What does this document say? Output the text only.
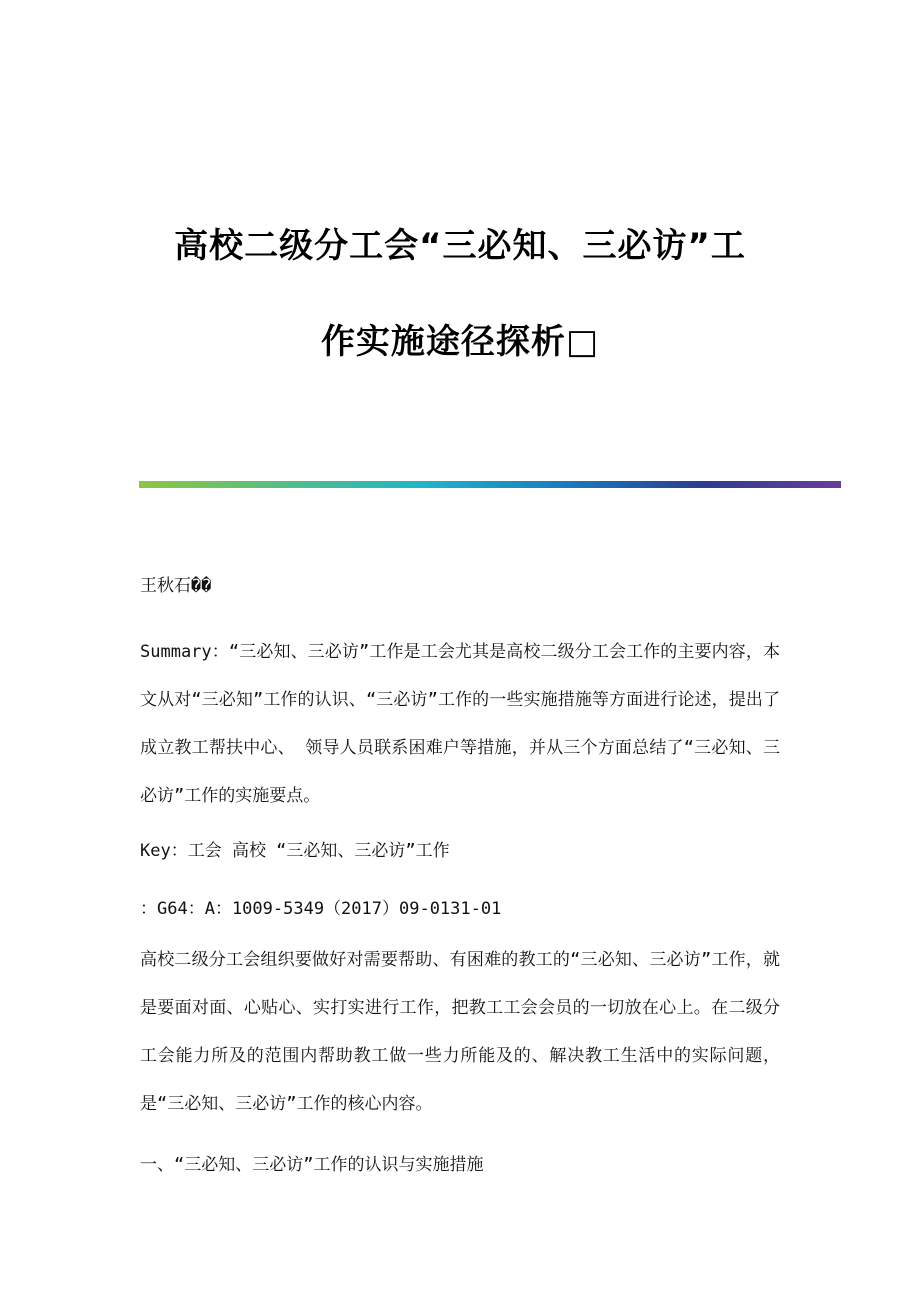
高校二级分工会“三必知、三必访”工
作实施途径探析□
王秋石��
Summary：“三必知、三必访”工作是工会尤其是高校二级分工会工作的主要内容，本文从对“三必知”工作的认识、“三必访”工作的一些实施措施等方面进行论述，提出了成立教工帮扶中心、 领导人员联系困难户等措施，并从三个方面总结了“三必知、三必访”工作的实施要点。
Key：工会 高校 “三必知、三必访”工作
：G64：A：1009-5349（2017）09-0131-01
高校二级分工会组织要做好对需要帮助、有困难的教工的“三必知、三必访”工作，就是要面对面、心贴心、实打实进行工作，把教工工会会员的一切放在心上。在二级分工会能力所及的范围内帮助教工做一些力所能及的、解决教工生活中的实际问题，是“三必知、三必访”工作的核心内容。
一、“三必知、三必访”工作的认识与实施措施
